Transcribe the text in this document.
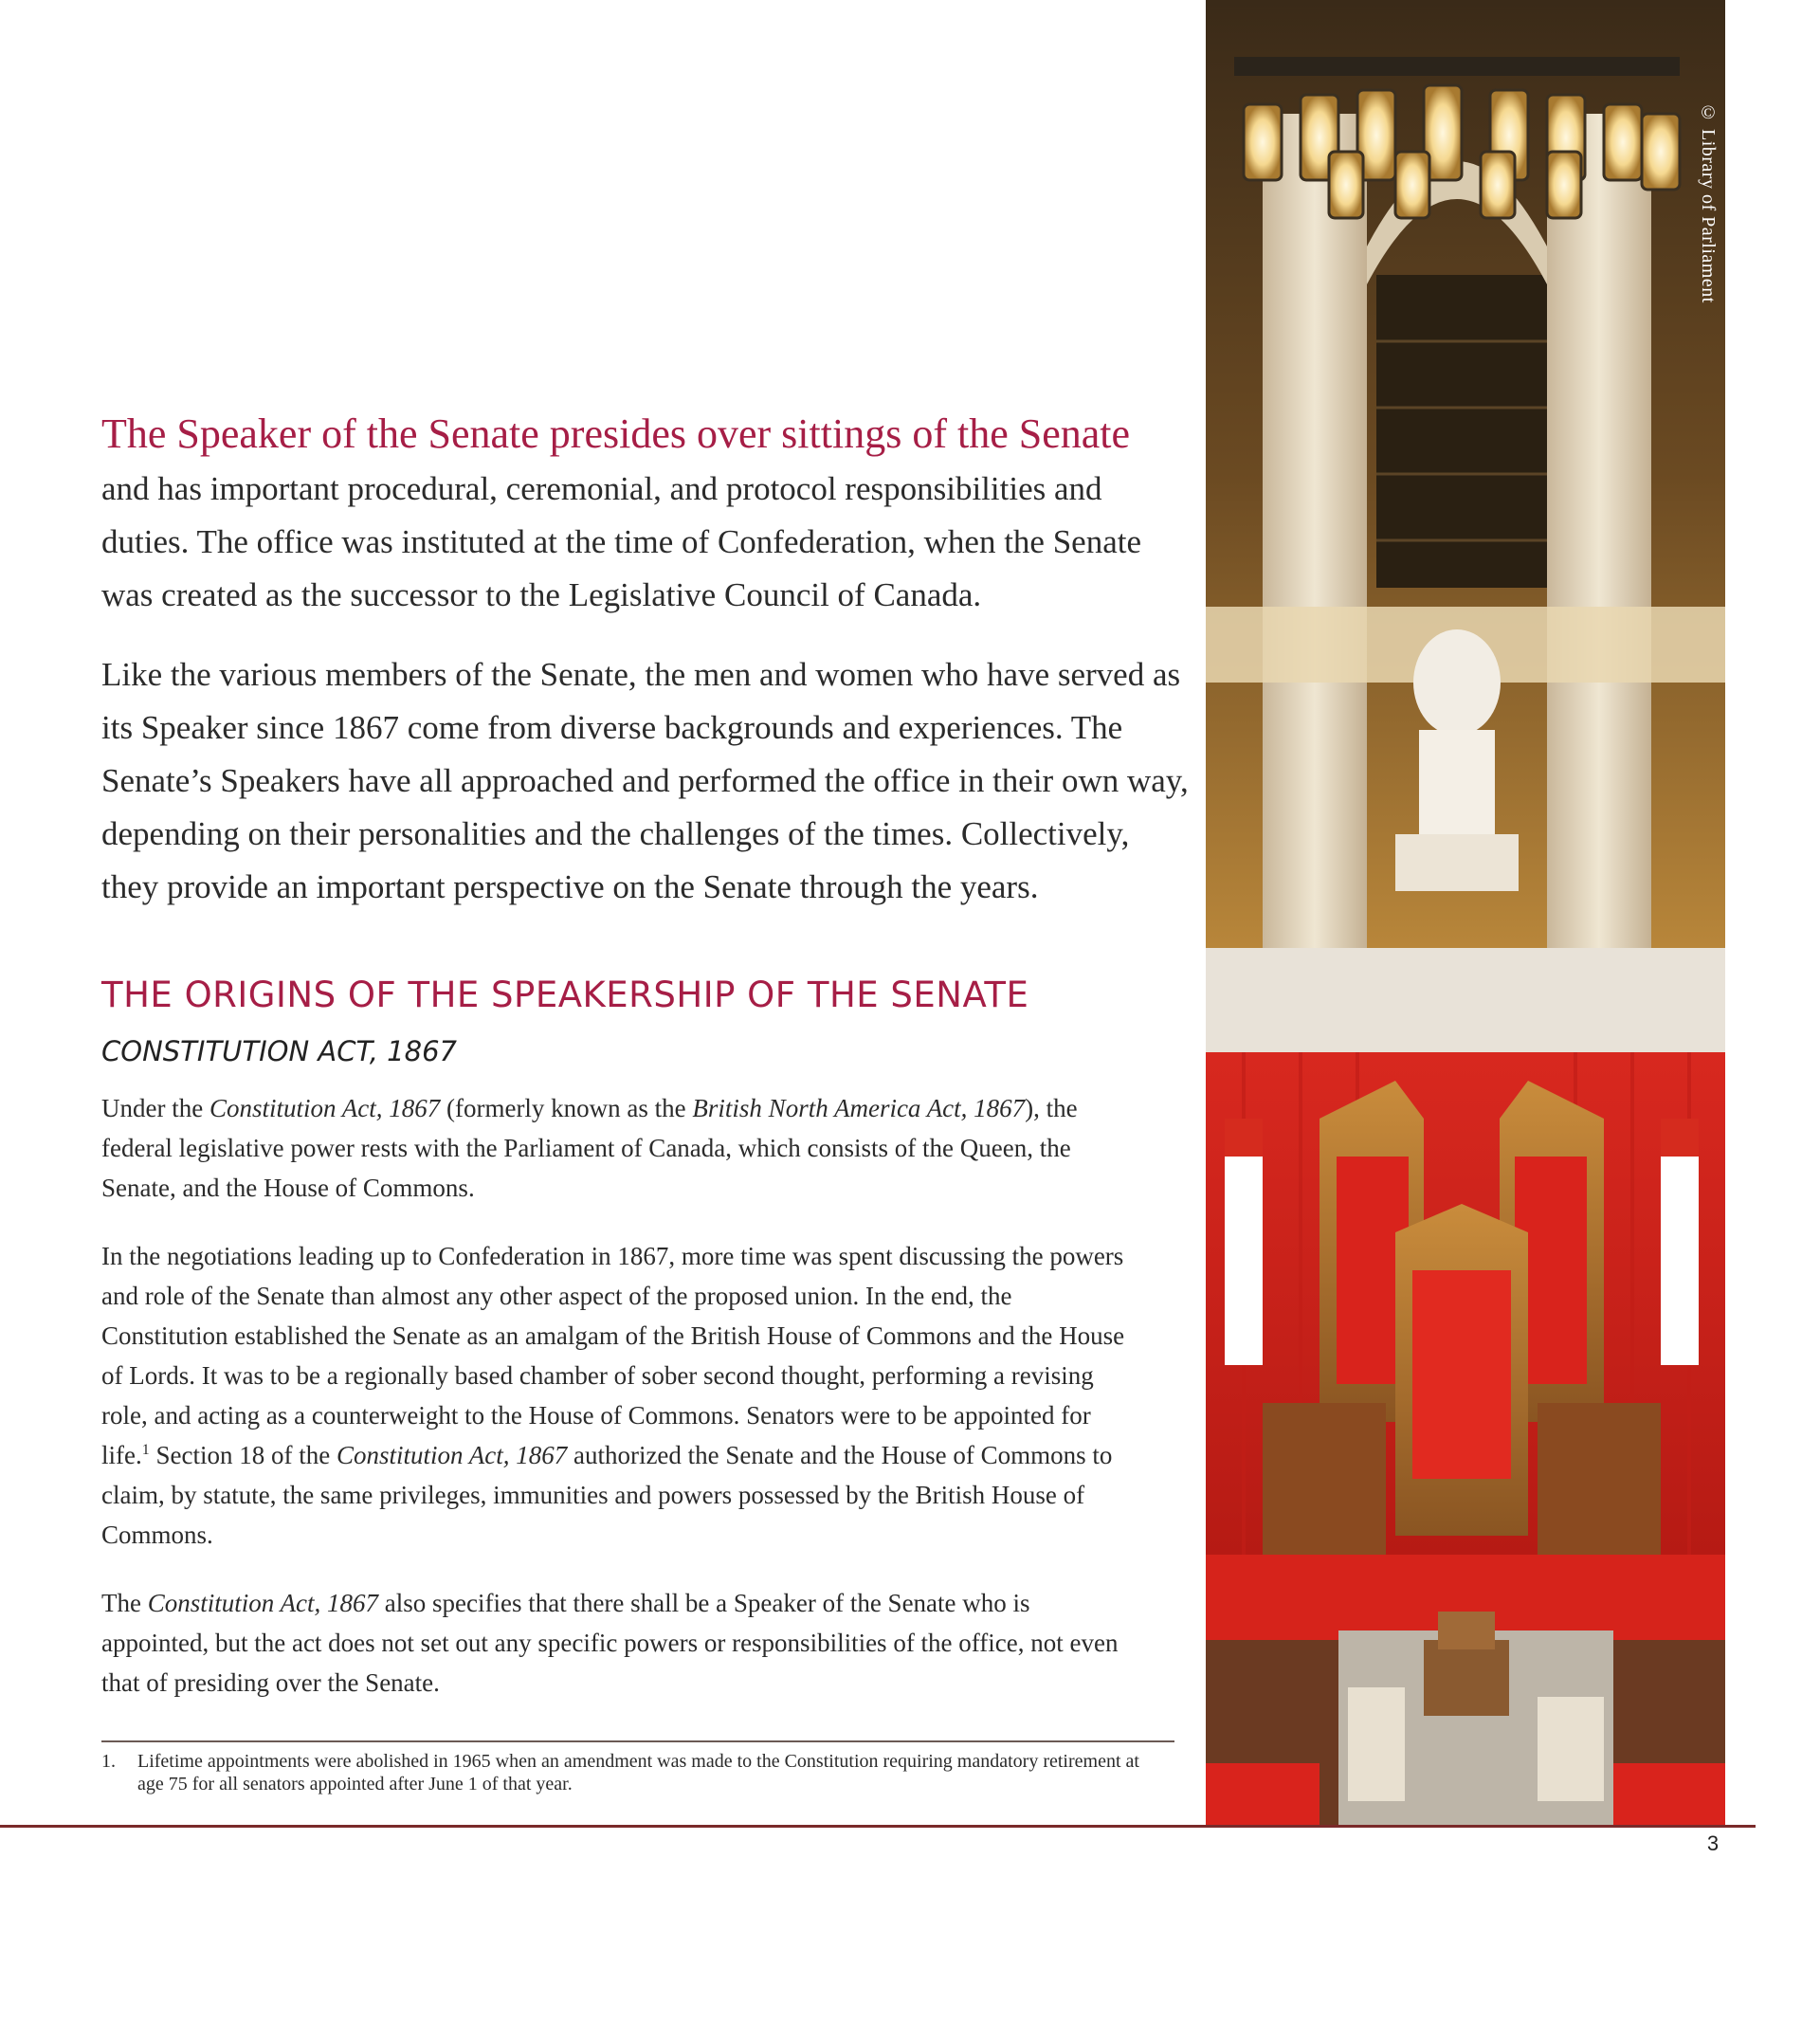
The Speaker of the Senate presides over sittings of the Senate
and has important procedural, ceremonial, and protocol responsibilities and duties. The office was instituted at the time of Confederation, when the Senate was created as the successor to the Legislative Council of Canada.

Like the various members of the Senate, the men and women who have served as its Speaker since 1867 come from diverse backgrounds and experiences. The Senate’s Speakers have all approached and performed the office in their own way, depending on their personalities and the challenges of the times. Collectively, they provide an important perspective on the Senate through the years.

THE ORIGINS OF THE SPEAKERSHIP OF THE SENATE
CONSTITUTION ACT, 1867

Under the Constitution Act, 1867 (formerly known as the British North America Act, 1867), the federal legislative power rests with the Parliament of Canada, which consists of the Queen, the Senate, and the House of Commons.

In the negotiations leading up to Confederation in 1867, more time was spent discussing the powers and role of the Senate than almost any other aspect of the proposed union. In the end, the Constitution established the Senate as an amalgam of the British House of Commons and the House of Lords. It was to be a regionally based chamber of sober second thought, performing a revising role, and acting as a counterweight to the House of Commons. Senators were to be appointed for life.$^1$ Section 18 of the Constitution Act, 1867 authorized the Senate and the House of Commons to claim, by statute, the same privileges, immunities and powers possessed by the British House of Commons.

The Constitution Act, 1867 also specifies that there shall be a Speaker of the Senate who is appointed, but the act does not set out any specific powers or responsibilities of the office, not even that of presiding over the Senate.

1.	Lifetime appointments were abolished in 1965 when an amendment was made to the Constitution requiring mandatory retirement at age 75 for all senators appointed after June 1 of that year.
3
© Library of Parliament
